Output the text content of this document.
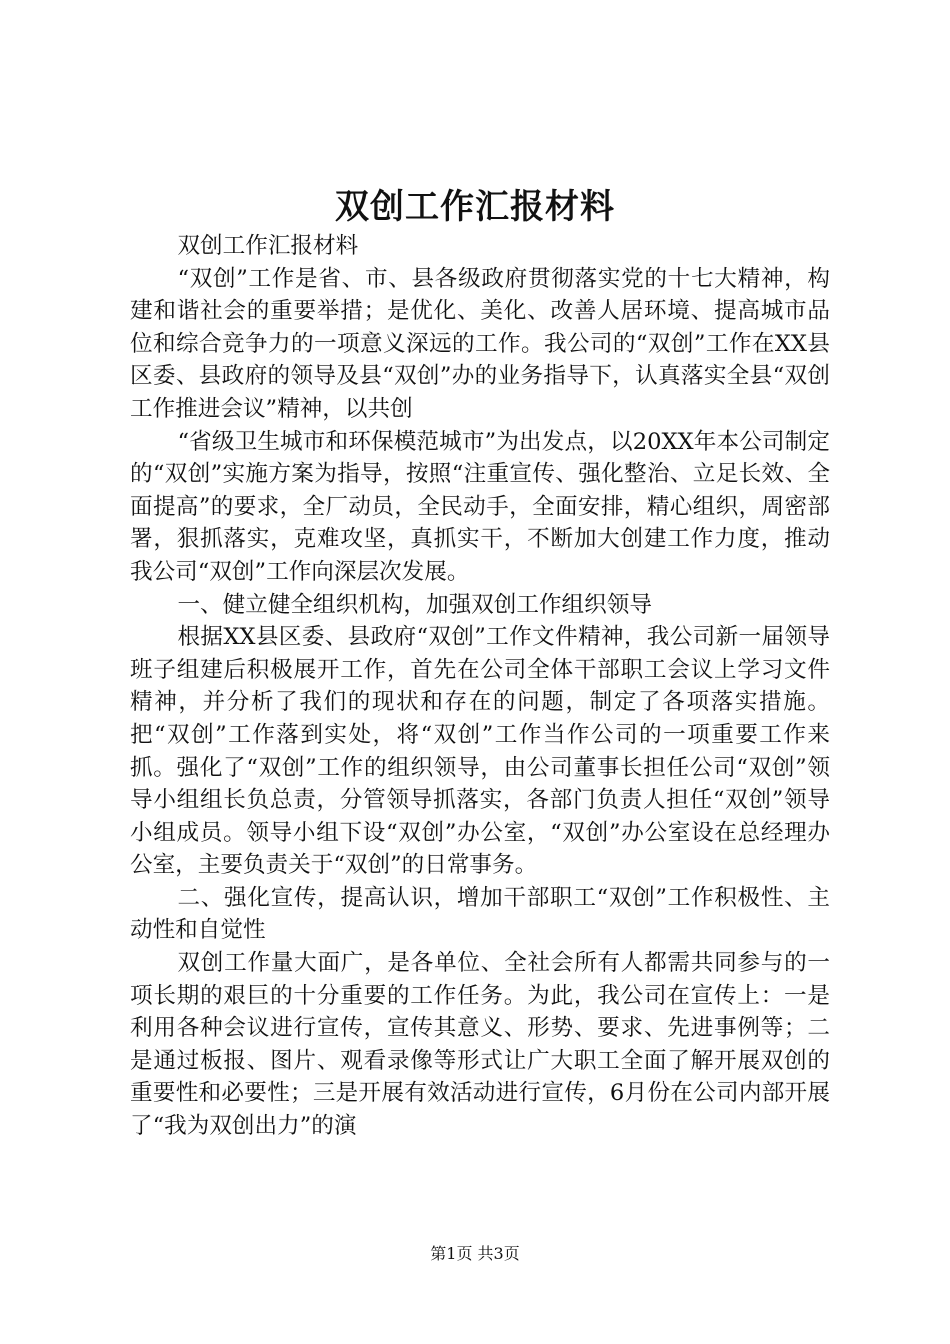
双创工作汇报材料

双创工作汇报材料

“双创”工作是省、市、县各级政府贯彻落实党的十七大精神，构建和谐社会的重要举措；是优化、美化、改善人居环境、提高城市品位和综合竞争力的一项意义深远的工作。我公司的“双创”工作在XX县区委、县政府的领导及县“双创”办的业务指导下，认真落实全县“双创工作推进会议”精神，以共创

“省级卫生城市和环保模范城市”为出发点，以20XX年本公司制定的“双创”实施方案为指导，按照“注重宣传、强化整治、立足长效、全面提高”的要求，全厂动员，全民动手，全面安排，精心组织，周密部署，狠抓落实，克难攻坚，真抓实干，不断加大创建工作力度，推动我公司“双创”工作向深层次发展。

一、健立健全组织机构，加强双创工作组织领导

根据XX县区委、县政府“双创”工作文件精神，我公司新一届领导班子组建后积极展开工作，首先在公司全体干部职工会议上学习文件精神，并分析了我们的现状和存在的问题，制定了各项落实措施。把“双创”工作落到实处，将“双创”工作当作公司的一项重要工作来抓。强化了“双创”工作的组织领导，由公司董事长担任公司“双创”领导小组组长负总责，分管领导抓落实，各部门负责人担任“双创”领导小组成员。领导小组下设“双创”办公室，“双创”办公室设在总经理办公室，主要负责关于“双创”的日常事务。

二、强化宣传，提高认识，增加干部职工“双创”工作积极性、主动性和自觉性

双创工作量大面广，是各单位、全社会所有人都需共同参与的一项长期的艰巨的十分重要的工作任务。为此，我公司在宣传上：一是利用各种会议进行宣传，宣传其意义、形势、要求、先进事例等；二是通过板报、图片、观看录像等形式让广大职工全面了解开展双创的重要性和必要性；三是开展有效活动进行宣传，6月份在公司内部开展了“我为双创出力”的演

第1页 共3页
